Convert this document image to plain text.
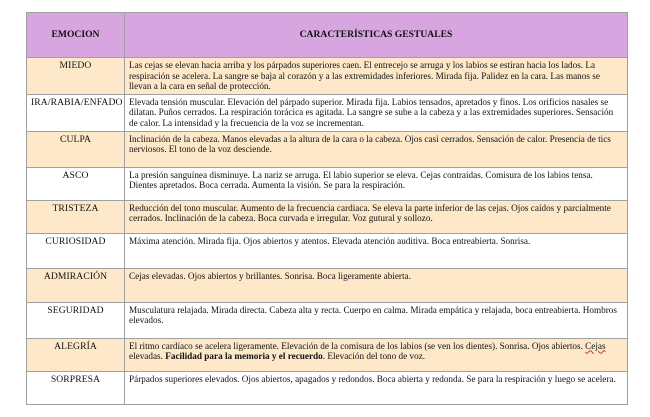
EMOCION	CARACTERÍSTICAS GESTUALES
MIEDO	Las cejas se elevan hacia arriba y los párpados superiores caen. El entrecejo se arruga y los labios se estiran hacia los lados. La respiración se acelera. La sangre se baja al corazón y a las extremidades inferiores. Mirada fija. Palidez en la cara. Las manos se llevan a la cara en señal de protección.
IRA/RABIA/ENFADO	Elevada tensión muscular. Elevación del párpado superior. Mirada fija. Labios tensados, apretados y finos. Los orificios nasales se dilatan. Puños cerrados. La respiración torácica es agitada. La sangre se sube a la cabeza y a las extremidades superiores. Sensación de calor. La intensidad y la frecuencia de la voz se incrementan.
CULPA	Inclinación de la cabeza. Manos elevadas a la altura de la cara o la cabeza. Ojos casi cerrados. Sensación de calor. Presencia de tics nerviosos. El tono de la voz desciende.
ASCO	La presión sanguínea disminuye. La nariz se arruga. El labio superior se eleva. Cejas contraídas. Comisura de los labios tensa. Dientes apretados. Boca cerrada. Aumenta la visión. Se para la respiración.
TRISTEZA	Reducción del tono muscular. Aumento de la frecuencia cardiaca. Se eleva la parte inferior de las cejas. Ojos caídos y parcialmente cerrados. Inclinación de la cabeza. Boca curvada e irregular. Voz gutural y sollozo.
CURIOSIDAD	Máxima atención. Mirada fija. Ojos abiertos y atentos. Elevada atención auditiva. Boca entreabierta. Sonrisa.
ADMIRACIÓN	Cejas elevadas. Ojos abiertos y brillantes. Sonrisa. Boca ligeramente abierta.
SEGURIDAD	Musculatura relajada. Mirada directa. Cabeza alta y recta. Cuerpo en calma. Mirada empática y relajada, boca entreabierta. Hombros elevados.
ALEGRÍA	El ritmo cardíaco se acelera ligeramente. Elevación de la comisura de los labios (se ven los dientes). Sonrisa. Ojos abiertos. Cejas elevadas. Facilidad para la memoria y el recuerdo. Elevación del tono de voz.
SORPRESA	Párpados superiores elevados. Ojos abiertos, apagados y redondos. Boca abierta y redonda. Se para la respiración y luego se acelera.
